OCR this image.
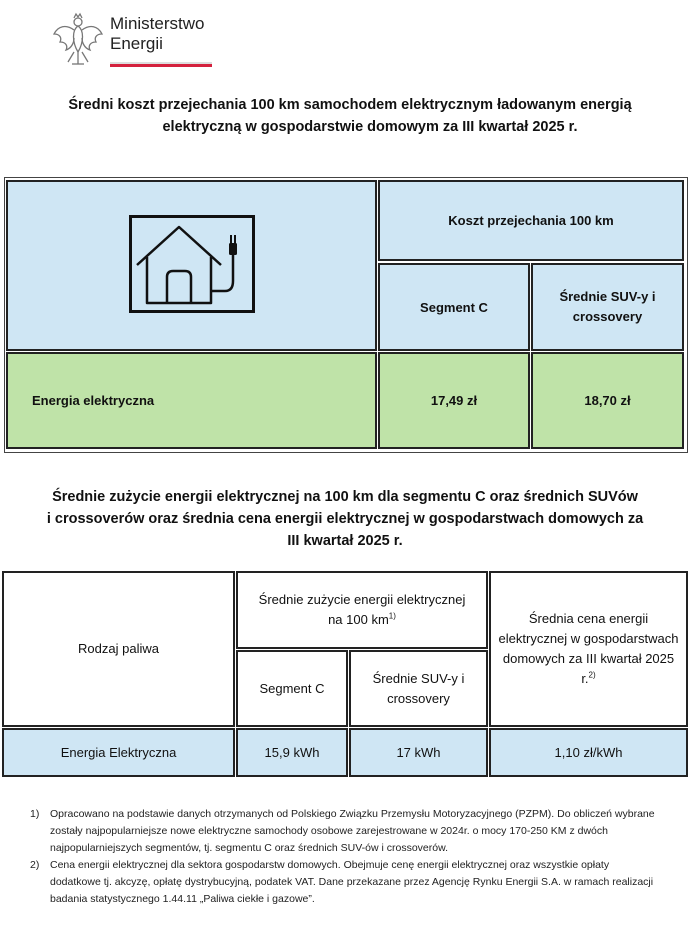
Ministerstwo
Energii
Średni koszt przejechania 100 km samochodem elektrycznym ładowanym energią
elektryczną w gospodarstwie domowym za III kwartał 2025 r.
Koszt przejechania 100 km
Segment C
Średnie SUV-y i crossovery
Energia elektryczna	17,49 zł	18,70 zł
Średnie zużycie energii elektrycznej na 100 km dla segmentu C oraz średnich SUVów
i crossoverów oraz średnia cena energii elektrycznej w gospodarstwach domowych za
III kwartał 2025 r.
Rodzaj paliwa
Średnie zużycie energii elektrycznej na 100 $km^{1)}$
Segment C
Średnie SUV-y i crossovery
Średnia cena energii elektrycznej w gospodarstwach domowych za III kwartał 2025 r.$^{2)}$
Energia Elektryczna	15,9 kWh	17 kWh	1,10 zł/kWh
1) Opracowano na podstawie danych otrzymanych od Polskiego Związku Przemysłu Motoryzacyjnego (PZPM). Do obliczeń wybrane zostały najpopularniejsze nowe elektryczne samochody osobowe zarejestrowane w 2024r. o mocy 170-250 KM z dwóch najpopularniejszych segmentów, tj. segmentu C oraz średnich SUV-ów i crossoverów.
2) Cena energii elektrycznej dla sektora gospodarstw domowych. Obejmuje cenę energii elektrycznej oraz wszystkie opłaty dodatkowe tj. akcyzę, opłatę dystrybucyjną, podatek VAT. Dane przekazane przez Agencję Rynku Energii S.A. w ramach realizacji badania statystycznego 1.44.11 „Paliwa ciekłe i gazowe”.
